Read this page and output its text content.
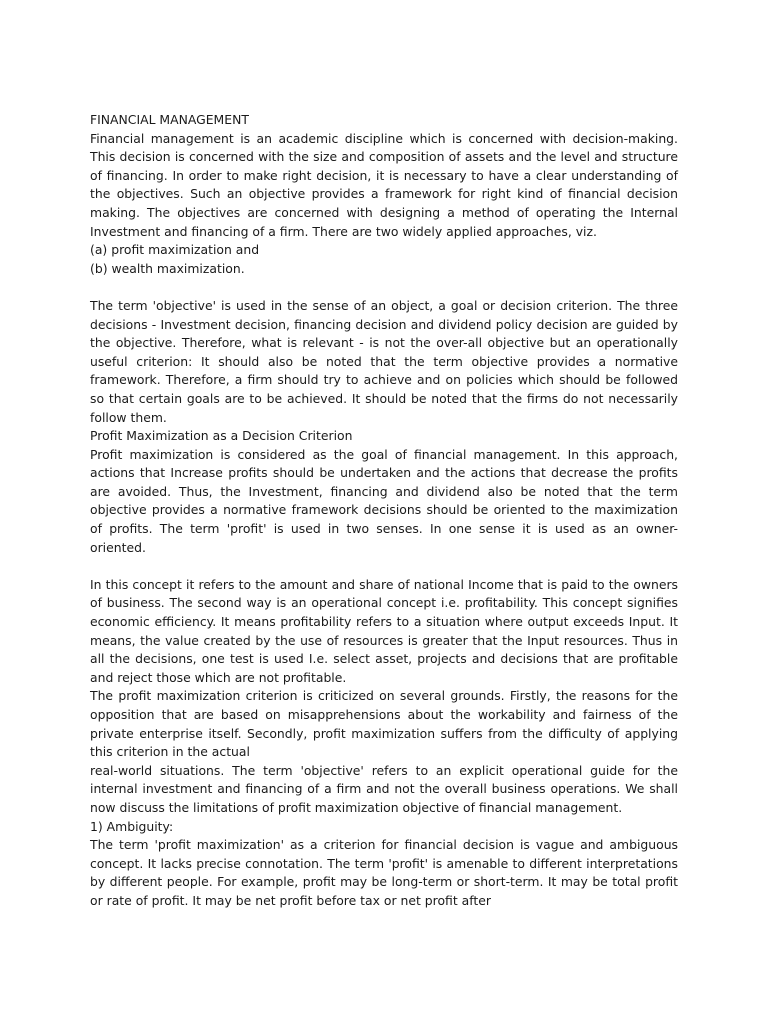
FINANCIAL MANAGEMENT

Financial management is an academic discipline which is concerned with decision-making. This decision is concerned with the size and composition of assets and the level and structure of financing. In order to make right decision, it is necessary to have a clear understanding of the objectives. Such an objective provides a framework for right kind of financial decision making. The objectives are concerned with designing a method of operating the Internal Investment and financing of a firm. There are two widely applied approaches, viz.

(a) profit maximization and

(b) wealth maximization.

The term 'objective' is used in the sense of an object, a goal or decision criterion. The three decisions - Investment decision, financing decision and dividend policy decision are guided by the objective. Therefore, what is relevant - is not the over-all objective but an operationally useful criterion: It should also be noted that the term objective provides a normative framework. Therefore, a firm should try to achieve and on policies which should be followed so that certain goals are to be achieved. It should be noted that the firms do not necessarily follow them.

Profit Maximization as a Decision Criterion

Profit maximization is considered as the goal of financial management. In this approach, actions that Increase profits should be undertaken and the actions that decrease the profits are avoided. Thus, the Investment, financing and dividend also be noted that the term objective provides a normative framework decisions should be oriented to the maximization of profits. The term 'profit' is used in two senses. In one sense it is used as an owner- oriented.

In this concept it refers to the amount and share of national Income that is paid to the owners of business. The second way is an operational concept i.e. profitability. This concept signifies economic efficiency. It means profitability refers to a situation where output exceeds Input. It means, the value created by the use of resources is greater that the Input resources. Thus in all the decisions, one test is used I.e. select asset, projects and decisions that are profitable and reject those which are not profitable.

The profit maximization criterion is criticized on several grounds. Firstly, the reasons for the opposition that are based on misapprehensions about the workability and fairness of the private enterprise itself. Secondly, profit maximization suffers from the difficulty of applying this criterion in the actual

real-world situations. The term 'objective' refers to an explicit operational guide for the internal investment and financing of a firm and not the overall business operations. We shall now discuss the limitations of profit maximization objective of financial management.

1) Ambiguity:

The term 'profit maximization' as a criterion for financial decision is vague and ambiguous concept. It lacks precise connotation. The term 'profit' is amenable to different interpretations by different people. For example, profit may be long-term or short-term. It may be total profit or rate of profit. It may be net profit before tax or net profit after
